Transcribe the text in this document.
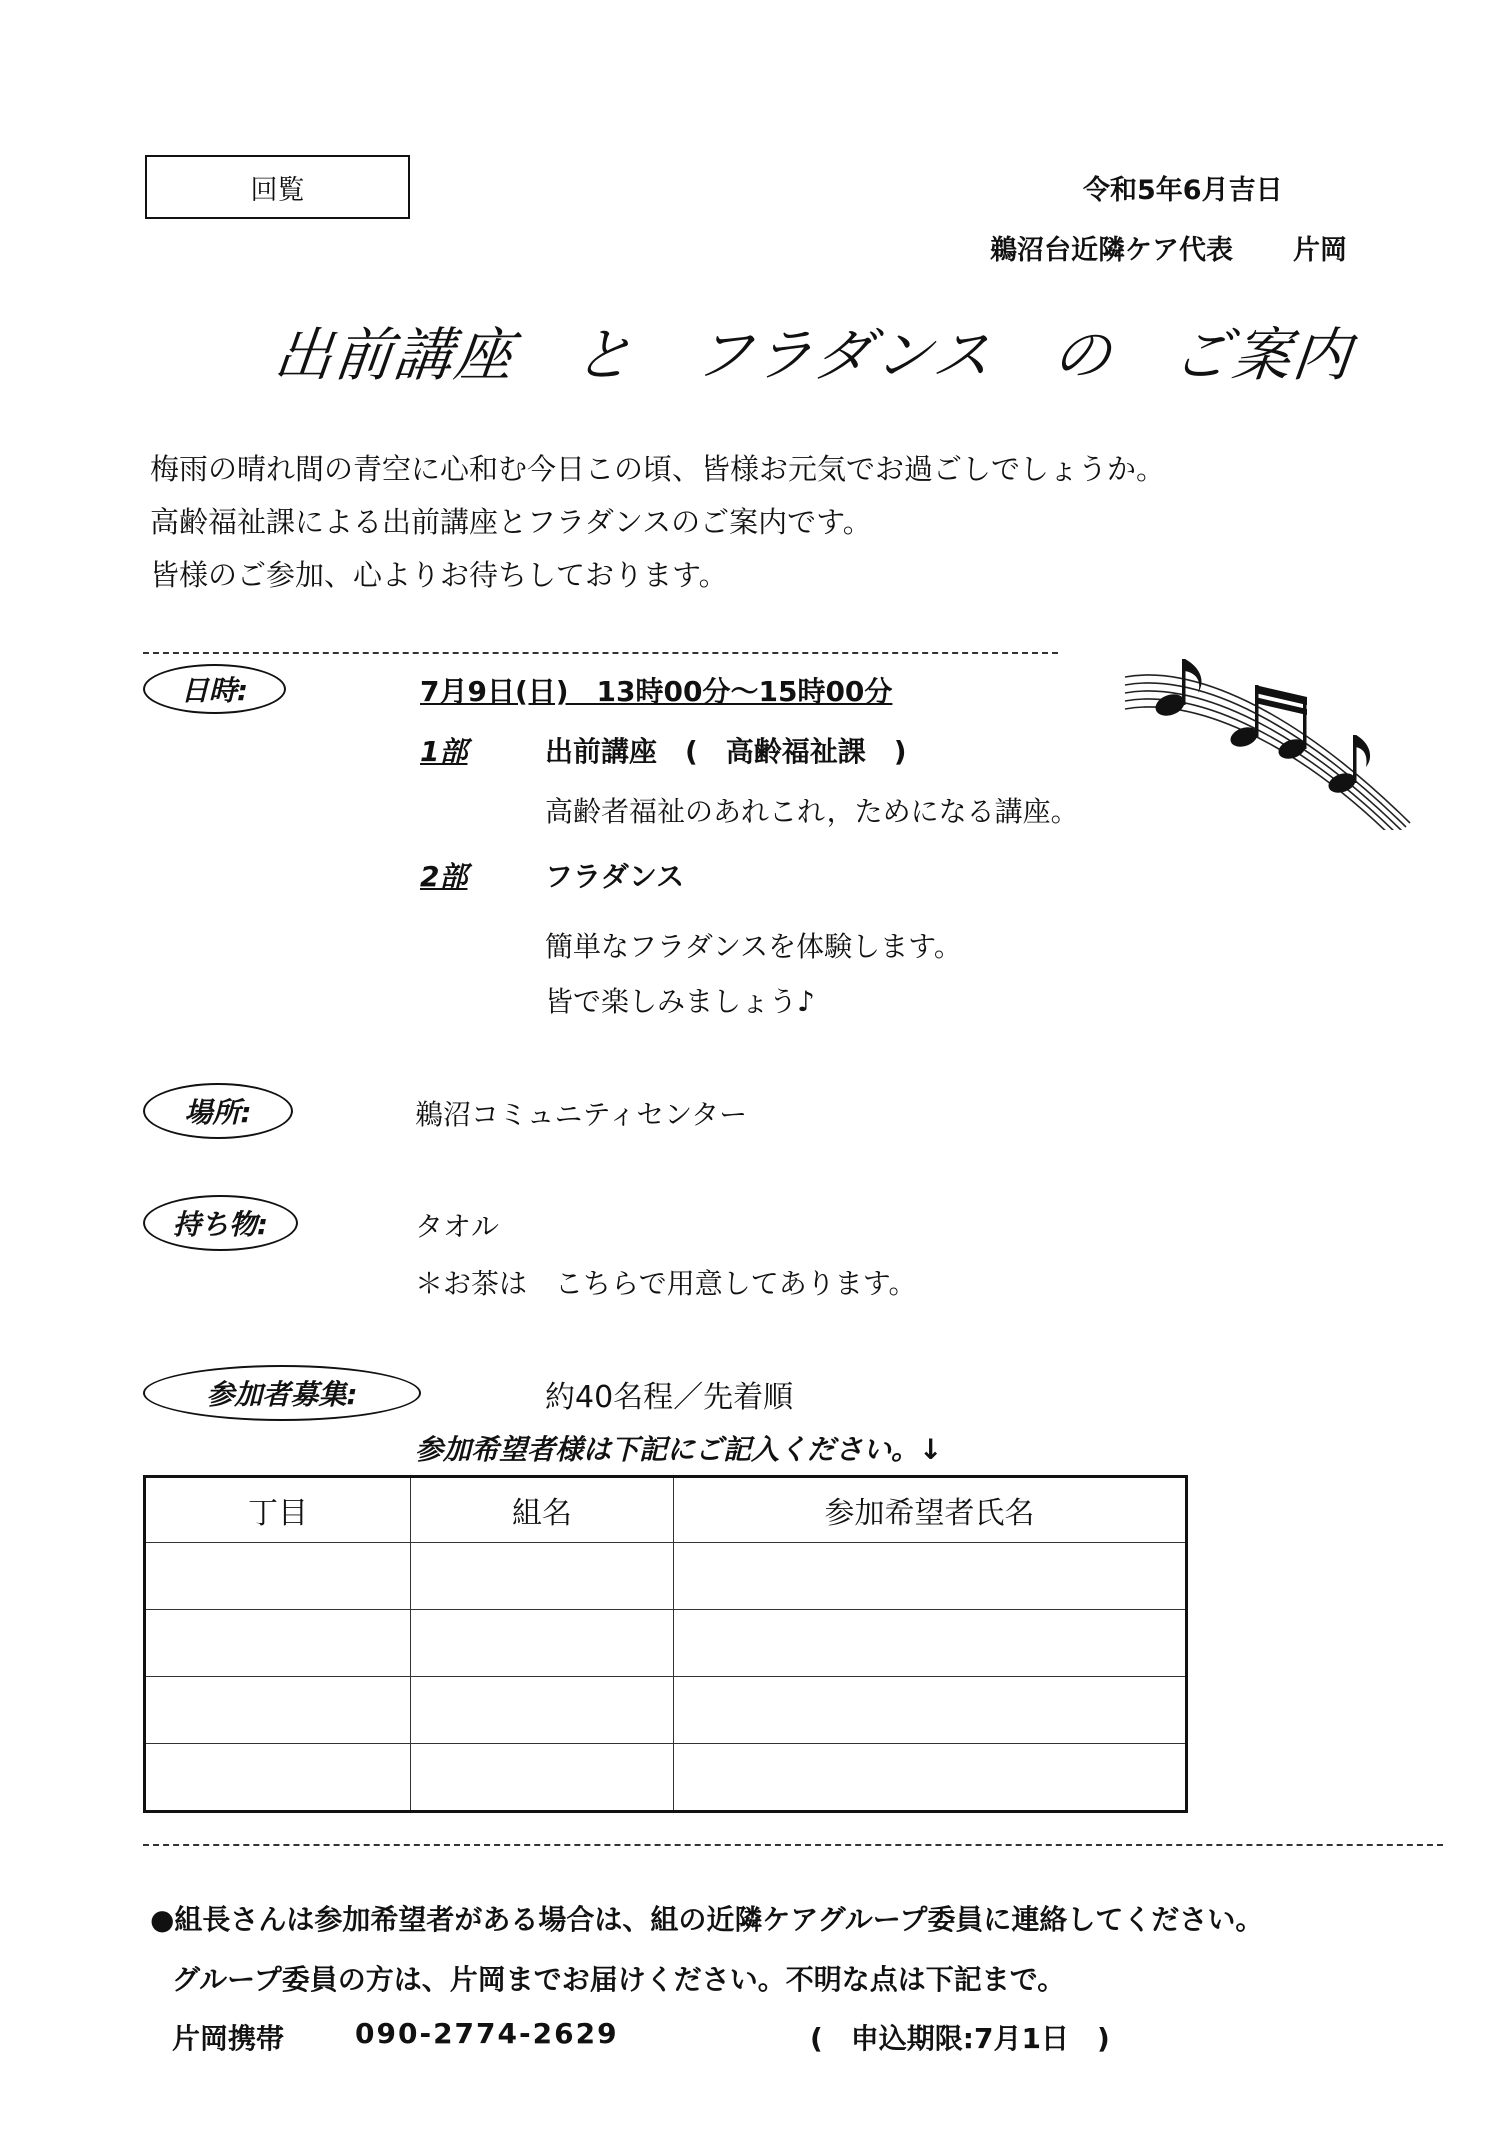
回覧	令和5年6月吉日
鵜沼台近隣ケア代表 片岡
出前講座 と フラダンス の ご案内
梅雨の晴れ間の青空に心和む今日この頃、皆様お元気でお過ごしでしょうか。
高齢福祉課による出前講座とフラダンスのご案内です。
皆様のご参加、心よりお待ちしております。
日時:	7月9日(日)　13時00分～15時00分
1部	出前講座　(　高齢福祉課　)
高齢者福祉のあれこれ，ためになる講座。
2部	フラダンス
簡単なフラダンスを体験します。
皆で楽しみましょう♪
場所:	鵜沼コミュニティセンター
持ち物:	タオル
＊お茶は　こちらで用意してあります。
参加者募集:	約40名程／先着順
参加希望者様は下記にご記入ください。↓
丁目	組名	参加希望者氏名

●組長さんは参加希望者がある場合は、組の近隣ケアグループ委員に連絡してください。
グループ委員の方は、片岡までお届けください。不明な点は下記まで。
片岡携帯	090-2774-2629	(　申込期限:7月1日　)
